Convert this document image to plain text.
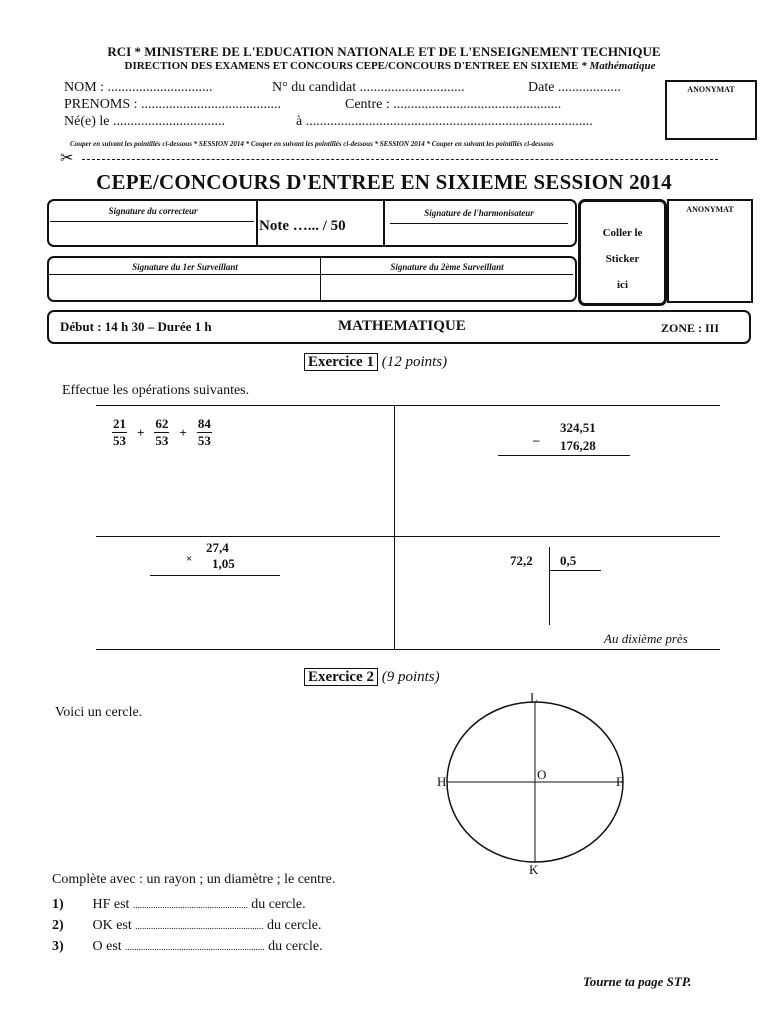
RCI * MINISTERE DE L'EDUCATION NATIONALE ET DE L'ENSEIGNEMENT TECHNIQUE
DIRECTION DES EXAMENS ET CONCOURS CEPE/CONCOURS D'ENTREE EN SIXIEME * Mathématique
NOM : ..............................	N° du candidat ..............................	Date ..................
PRENOMS : ........................................	Centre : ................................................
Né(e) le ................................	à ..................................................................................
ANONYMAT
Couper en suivant les pointillés ci-dessous * SESSION 2014 * Couper en suivant les pointillés ci-dessous * SESSION 2014 * Couper en suivant les pointillés ci-dessous
✂
CEPE/CONCOURS D'ENTREE EN SIXIEME SESSION 2014
Signature du correcteur
Note …... / 50
Signature de l'harmonisateur
Coller le
Sticker
ici
ANONYMAT
Signature du 1er Surveillant	Signature du 2ème Surveillant
Début : 14 h 30 – Durée 1 h	MATHEMATIQUE	ZONE : III
Exercice 1 (12 points)
Effectue les opérations suivantes.
$\frac{21}{53} ^+ \frac{62}{53} ^+ \frac{84}{53}$	324,51
– 176,28
27,4
× 1,05	72,2 0,5
Au dixième près
Exercice 2 (9 points)
Voici un cercle.
L
H	O	F
K
Complète avec : un rayon ; un diamètre ; le centre.
1) HF est ................................................... du cercle.
2) OK est ......................................................... du cercle.
3) O est .............................................................. du cercle.
Tourne ta page STP.
